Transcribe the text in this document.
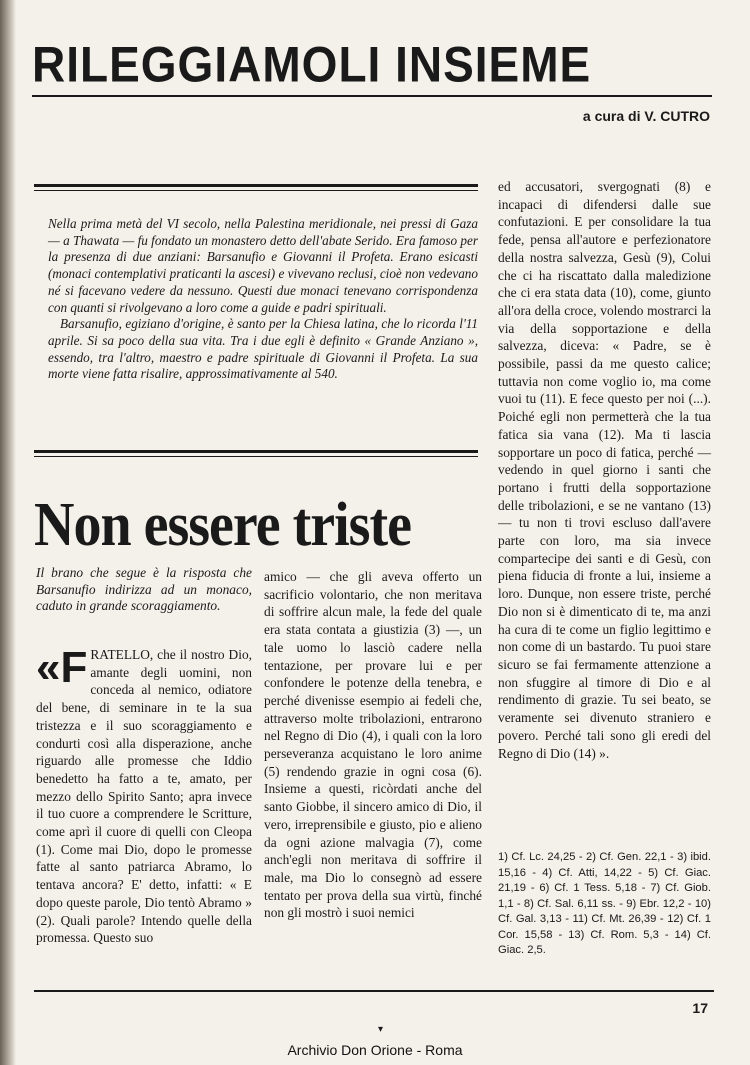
RILEGGIAMOLI INSIEME
a cura di V. CUTRO

Nella prima metà del VI secolo, nella Palestina meridionale, nei pressi di Gaza — a Thawata — fu fondato un monastero detto dell'abate Serido. Era famoso per la presenza di due anziani: Barsanufio e Giovanni il Profeta. Erano esicasti (monaci contemplativi praticanti la ascesi) e vivevano reclusi, cioè non vedevano né si facevano vedere da nessuno. Questi due monaci tenevano corrispondenza con quanti si rivolgevano a loro come a guide e padri spirituali.

Barsanufio, egiziano d'origine, è santo per la Chiesa latina, che lo ricorda l'11 aprile. Si sa poco della sua vita. Tra i due egli è definito « Grande Anziano », essendo, tra l'altro, maestro e padre spirituale di Giovanni il Profeta. La sua morte viene fatta risalire, approssimativamente al 540.

Non essere triste
Il brano che segue è la risposta che Barsanufio indirizza ad un monaco, caduto in grande scoraggiamento.
«F RATELLO, che il nostro Dio, amante degli uomini, non conceda al nemico, odiatore del bene, di seminare in te la sua tristezza e il suo scoraggiamento e condurti così alla disperazione, anche riguardo alle promesse che Iddio benedetto ha fatto a te, amato, per mezzo dello Spirito Santo; apra invece il tuo cuore a comprendere le Scritture, come aprì il cuore di quelli con Cleopa (1). Come mai Dio, dopo le promesse fatte al santo patriarca Abramo, lo tentava ancora? E' detto, infatti: « E dopo queste parole, Dio tentò Abramo » (2). Quali parole? Intendo quelle della promessa. Questo suo
amico — che gli aveva offerto un sacrificio volontario, che non meritava di soffrire alcun male, la fede del quale era stata contata a giustizia (3) —, un tale uomo lo lasciò cadere nella tentazione, per provare lui e per confondere le potenze della tenebra, e perché divenisse esempio ai fedeli che, attraverso molte tribolazioni, entrarono nel Regno di Dio (4), i quali con la loro perseveranza acquistano le loro anime (5) rendendo grazie in ogni cosa (6). Insieme a questi, ricòrdati anche del santo Giobbe, il sincero amico di Dio, il vero, irreprensibile e giusto, pio e alieno da ogni azione malvagia (7), come anch'egli non meritava di soffrire il male, ma Dio lo consegnò ad essere tentato per prova della sua virtù, finché non gli mostrò i suoi nemici
ed accusatori, svergognati (8) e incapaci di difendersi dalle sue confutazioni. E per consolidare la tua fede, pensa all'autore e perfezionatore della nostra salvezza, Gesù (9), Colui che ci ha riscattato dalla maledizione che ci era stata data (10), come, giunto all'ora della croce, volendo mostrarci la via della sopportazione e della salvezza, diceva: « Padre, se è possibile, passi da me questo calice; tuttavia non come voglio io, ma come vuoi tu (11). E fece questo per noi (...). Poiché egli non permetterà che la tua fatica sia vana (12). Ma ti lascia sopportare un poco di fatica, perché — vedendo in quel giorno i santi che portano i frutti della sopportazione delle tribolazioni, e se ne vantano (13) — tu non ti trovi escluso dall'avere parte con loro, ma sia invece compartecipe dei santi e di Gesù, con piena fiducia di fronte a lui, insieme a loro. Dunque, non essere triste, perché Dio non si è dimenticato di te, ma anzi ha cura di te come un figlio legittimo e non come di un bastardo. Tu puoi stare sicuro se fai fermamente attenzione a non sfuggire al timore di Dio e al rendimento di grazie. Tu sei beato, se veramente sei divenuto straniero e povero. Perché tali sono gli eredi del Regno di Dio (14) ».
1) Cf. Lc. 24,25 - 2) Cf. Gen. 22,1 - 3) ibid. 15,16 - 4) Cf. Atti, 14,22 - 5) Cf. Giac. 21,19 - 6) Cf. 1 Tess. 5,18 - 7) Cf. Giob. 1,1 - 8) Cf. Sal. 6,11 ss. - 9) Ebr. 12,2 - 10) Cf. Gal. 3,13 - 11) Cf. Mt. 26,39 - 12) Cf. 1 Cor. 15,58 - 13) Cf. Rom. 5,3 - 14) Cf. Giac. 2,5.
17
▾
Archivio Don Orione - Roma
